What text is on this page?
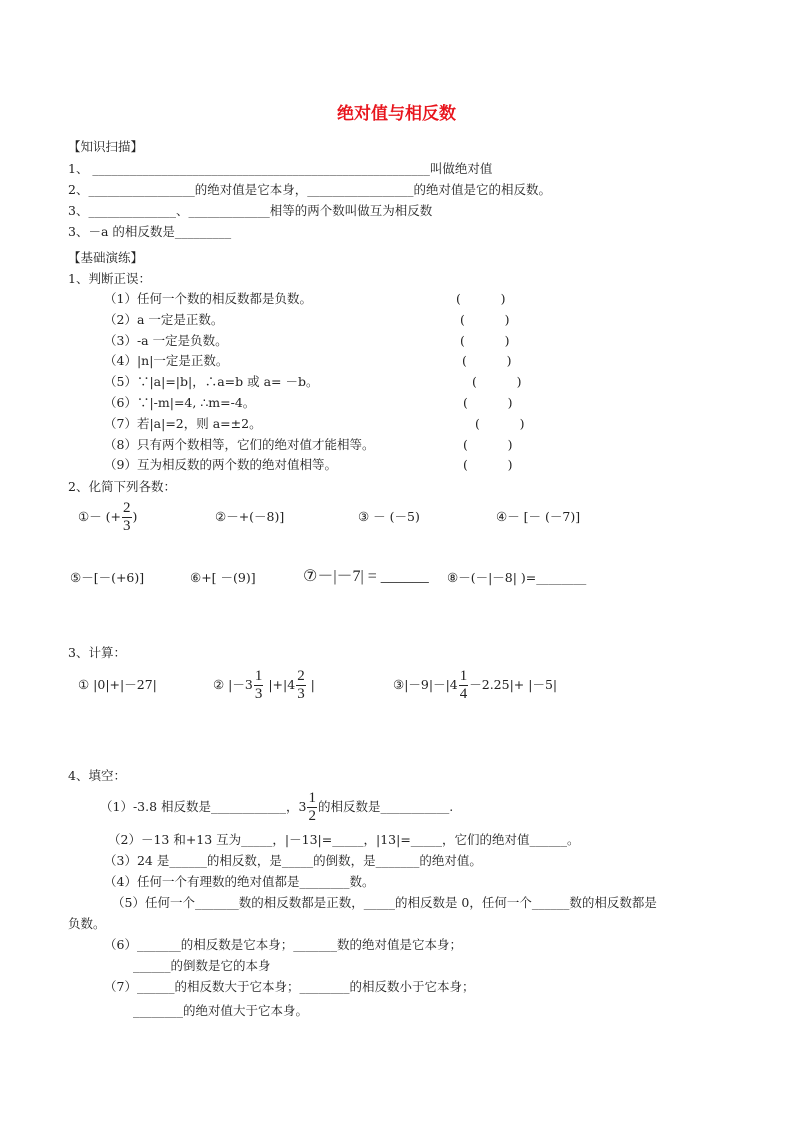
绝对值与相反数
【知识扫描】
1、 ______________________________________________________叫做绝对值
2、_________________的绝对值是它本身，_________________的绝对值是它的相反数。
3、______________、_____________相等的两个数叫做互为相反数
3、－a 的相反数是_________
【基础演练】
1、判断正误：
（1）任何一个数的相反数都是负数。	(          )
（2）a 一定是正数。	(          )
（3）-a 一定是负数。	(          )
（4）|n|一定是正数。	(          )
（5）∵|a|=|b|，∴a=b 或 a= －b。	(          )
（6）∵|-m|=4, ∴m=-4。	(          )
（7）若|a|=2，则 a=±2。	(          )
（8）只有两个数相等，它们的绝对值才能相等。	(          )
（9）互为相反数的两个数的绝对值相等。	(          )
2、化简下列各数：
①－ (+ $\frac{2}{3}$ )	②－+(－8)]	③ － (－5)	④－ [－ (－7)]
⑤－[－(+6)]	⑥+[ －(9)]	⑦－|－7| = ______ ⑧－(－|－8| )=________
3、计算：
① |0|+|－27|	② $|-3 \frac{1}{3} |+|4 \frac{2}{3}$ |	③|－9|－|4 $\frac{1}{4} -2.25|+ |-5|$
4、填空：
（1）-3.8 相反数是____________，$3 \frac{1}{2}$ 的相反数是___________.
（2）－13 和+13 互为_____，|－13|=_____，|13|=_____，它们的绝对值______。
（3）24 是______的相反数，是_____的倒数，是_______的绝对值。
（4）任何一个有理数的绝对值都是________数。
（5）任何一个_______数的相反数都是正数，_____的相反数是 0，任何一个______数的相反数都是
负数。
（6）_______的相反数是它本身；_______数的绝对值是它本身；
______的倒数是它的本身
（7）______的相反数大于它本身；________的相反数小于它本身；
________的绝对值大于它本身。
